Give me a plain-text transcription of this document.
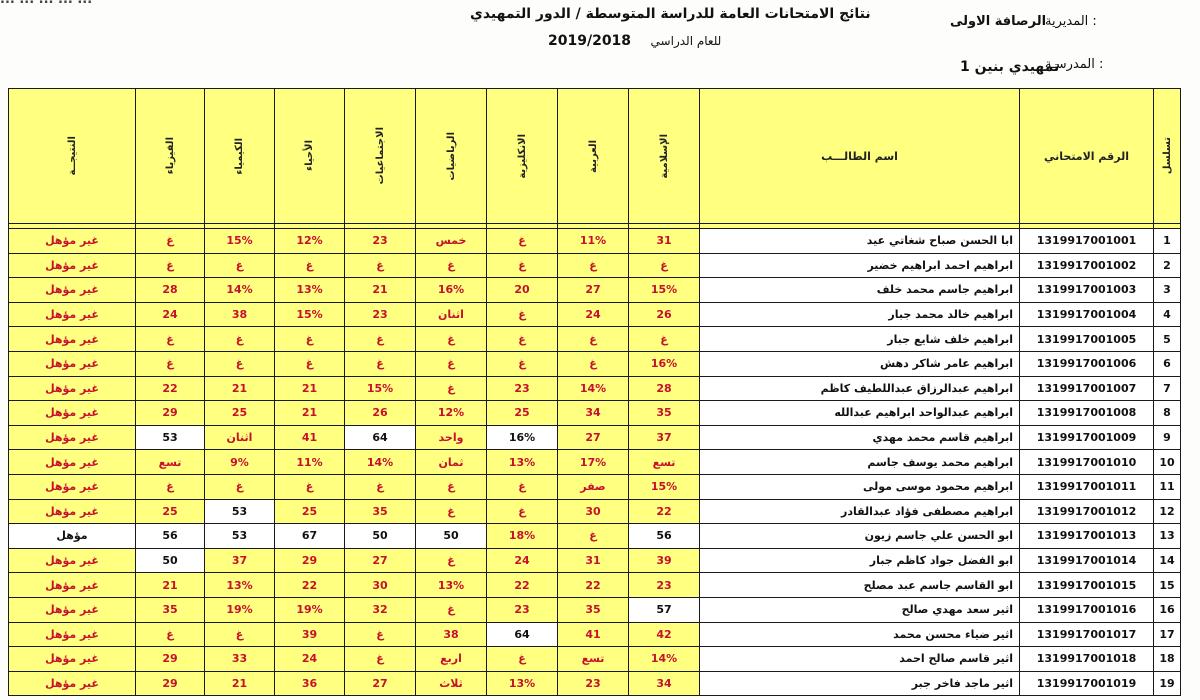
نتائج الامتحانات العامة للدراسة المتوسطة / الدور التمهيدي
2019/2018 للعام الدراسي
المديرية :
الرصافة الاولى
المدرسـة :
تمهيدي بنين 1
النتيجــة	الفيزياء	الكيمياء	الأحياء	الاجتماعيات	الرياضيات	الانكليزية	العربية	الإسلامية	اسم الطالـــب	الرقم الامتحاني	تسلسل

غير مؤهل	غ	15%	12%	23	خمس	غ	11%	31	ابا الحسن صباح شغاتي عيد	1319917001001	1
غير مؤهل	غ	غ	غ	غ	غ	غ	غ	غ	ابراهيم احمد ابراهيم خضير	1319917001002	2
غير مؤهل	28	14%	13%	21	16%	20	27	15%	ابراهيم جاسم محمد خلف	1319917001003	3
غير مؤهل	24	38	15%	23	اثنان	غ	24	26	ابراهيم خالد محمد جبار	1319917001004	4
غير مؤهل	غ	غ	غ	غ	غ	غ	غ	غ	ابراهيم خلف شايع جبار	1319917001005	5
غير مؤهل	غ	غ	غ	غ	غ	غ	غ	16%	ابراهيم عامر شاكر دهش	1319917001006	6
غير مؤهل	22	21	21	15%	غ	23	14%	28	ابراهيم عبدالرزاق عبداللطيف كاظم	1319917001007	7
غير مؤهل	29	25	21	26	12%	25	34	35	ابراهيم عبدالواحد ابراهيم عبدالله	1319917001008	8
غير مؤهل	53	اثنان	41	64	واحد	16%	27	37	ابراهيم قاسم محمد مهدي	1319917001009	9
غير مؤهل	تسع	9%	11%	14%	ثمان	13%	17%	تسع	ابراهيم محمد يوسف جاسم	1319917001010	10
غير مؤهل	غ	غ	غ	غ	غ	غ	صفر	15%	ابراهيم محمود موسى مولى	1319917001011	11
غير مؤهل	25	53	25	35	غ	غ	30	22	ابراهيم مصطفى فؤاد عبدالقادر	1319917001012	12
مؤهل	56	53	67	50	50	18%	غ	56	ابو الحسن علي جاسم زيون	1319917001013	13
غير مؤهل	50	37	29	27	غ	24	31	39	ابو الفضل جواد كاظم جبار	1319917001014	14
غير مؤهل	21	13%	22	30	13%	22	22	23	ابو القاسم جاسم عبد مصلح	1319917001015	15
غير مؤهل	35	19%	19%	32	غ	23	35	57	اثير سعد مهدي صالح	1319917001016	16
غير مؤهل	غ	غ	39	غ	38	64	41	42	اثير ضياء محسن محمد	1319917001017	17
غير مؤهل	29	33	24	غ	اربع	غ	تسع	14%	اثير قاسم صالح احمد	1319917001018	18
غير مؤهل	29	21	36	27	ثلاث	13%	23	34	اثير ماجد فاخر جبر	1319917001019	19
